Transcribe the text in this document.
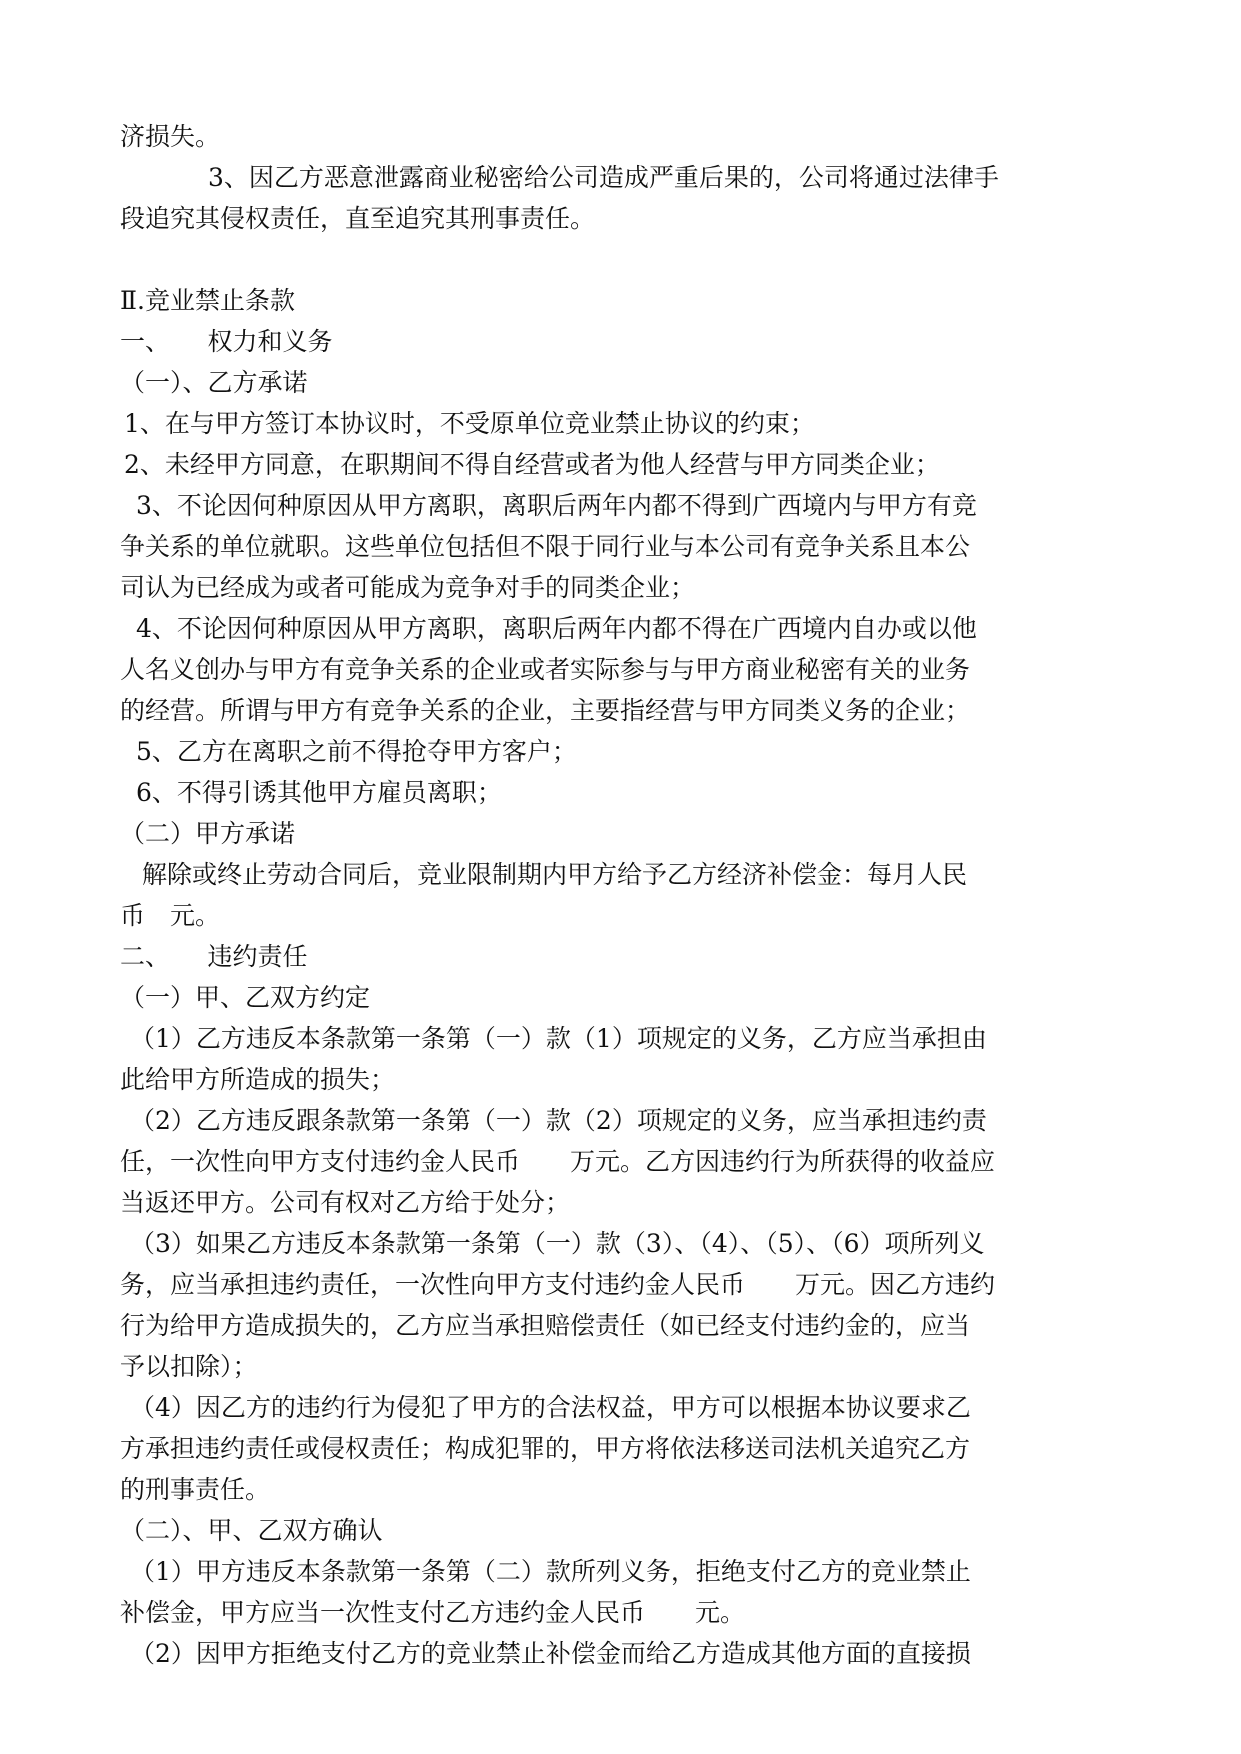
济损失。
3、因乙方恶意泄露商业秘密给公司造成严重后果的，公司将通过法律手
段追究其侵权责任，直至追究其刑事责任。
Ⅱ.竞业禁止条款
一、　　权力和义务
（一）、乙方承诺
1、在与甲方签订本协议时，不受原单位竞业禁止协议的约束；
2、未经甲方同意，在职期间不得自经营或者为他人经营与甲方同类企业；
3、不论因何种原因从甲方离职，离职后两年内都不得到广西境内与甲方有竞
争关系的单位就职。这些单位包括但不限于同行业与本公司有竞争关系且本公
司认为已经成为或者可能成为竞争对手的同类企业；
4、不论因何种原因从甲方离职，离职后两年内都不得在广西境内自办或以他
人名义创办与甲方有竞争关系的企业或者实际参与与甲方商业秘密有关的业务
的经营。所谓与甲方有竞争关系的企业，主要指经营与甲方同类义务的企业；
5、乙方在离职之前不得抢夺甲方客户；
6、不得引诱其他甲方雇员离职；
（二）甲方承诺
解除或终止劳动合同后，竞业限制期内甲方给予乙方经济补偿金：每月人民
币　元。
二、　　违约责任
（一）甲、乙双方约定
（1）乙方违反本条款第一条第（一）款（1）项规定的义务，乙方应当承担由
此给甲方所造成的损失；
（2）乙方违反跟条款第一条第（一）款（2）项规定的义务，应当承担违约责
任，一次性向甲方支付违约金人民币　　万元。乙方因违约行为所获得的收益应
当返还甲方。公司有权对乙方给于处分；
（3）如果乙方违反本条款第一条第（一）款（3）、（4）、（5）、（6）项所列义
务，应当承担违约责任，一次性向甲方支付违约金人民币　　万元。因乙方违约
行为给甲方造成损失的，乙方应当承担赔偿责任（如已经支付违约金的，应当
予以扣除）；
（4）因乙方的违约行为侵犯了甲方的合法权益，甲方可以根据本协议要求乙
方承担违约责任或侵权责任；构成犯罪的，甲方将依法移送司法机关追究乙方
的刑事责任。
（二）、甲、乙双方确认
（1）甲方违反本条款第一条第（二）款所列义务，拒绝支付乙方的竞业禁止
补偿金，甲方应当一次性支付乙方违约金人民币　　元。
（2）因甲方拒绝支付乙方的竞业禁止补偿金而给乙方造成其他方面的直接损
